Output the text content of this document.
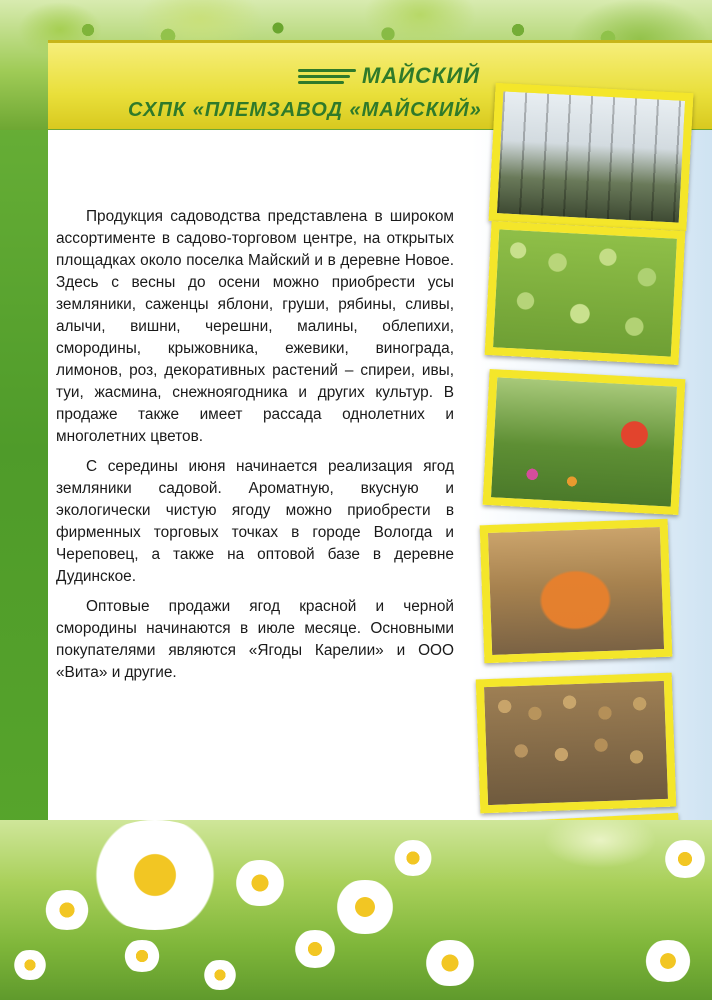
МАЙСКИЙ
СХПК «ПЛЕМЗАВОД «МАЙСКИЙ»

Продукция садоводства представлена в широком ассортименте в садово-торговом центре, на открытых площадках около поселка Майский и в деревне Новое. Здесь с весны до осени можно приобрести усы земляники, саженцы яблони, груши, рябины, сливы, алычи, вишни, черешни, малины, облепихи, смородины, крыжовника, ежевики, винограда, лимонов, роз, декоративных растений – спиреи, ивы, туи, жасмина, снежноягодника и других культур. В продаже также имеет рассада однолетних и многолетних цветов.

С середины июня начинается реализация ягод земляники садовой. Ароматную, вкусную и экологически чистую ягоду можно приобрести в фирменных торговых точках в городе Вологда и Череповец, а также на оптовой базе в деревне Дудинское.

Оптовые продажи ягод красной и черной смородины начинаются в июле месяце. Основными покупателями являются «Ягоды Карелии» и ООО «Вита» и другие.
